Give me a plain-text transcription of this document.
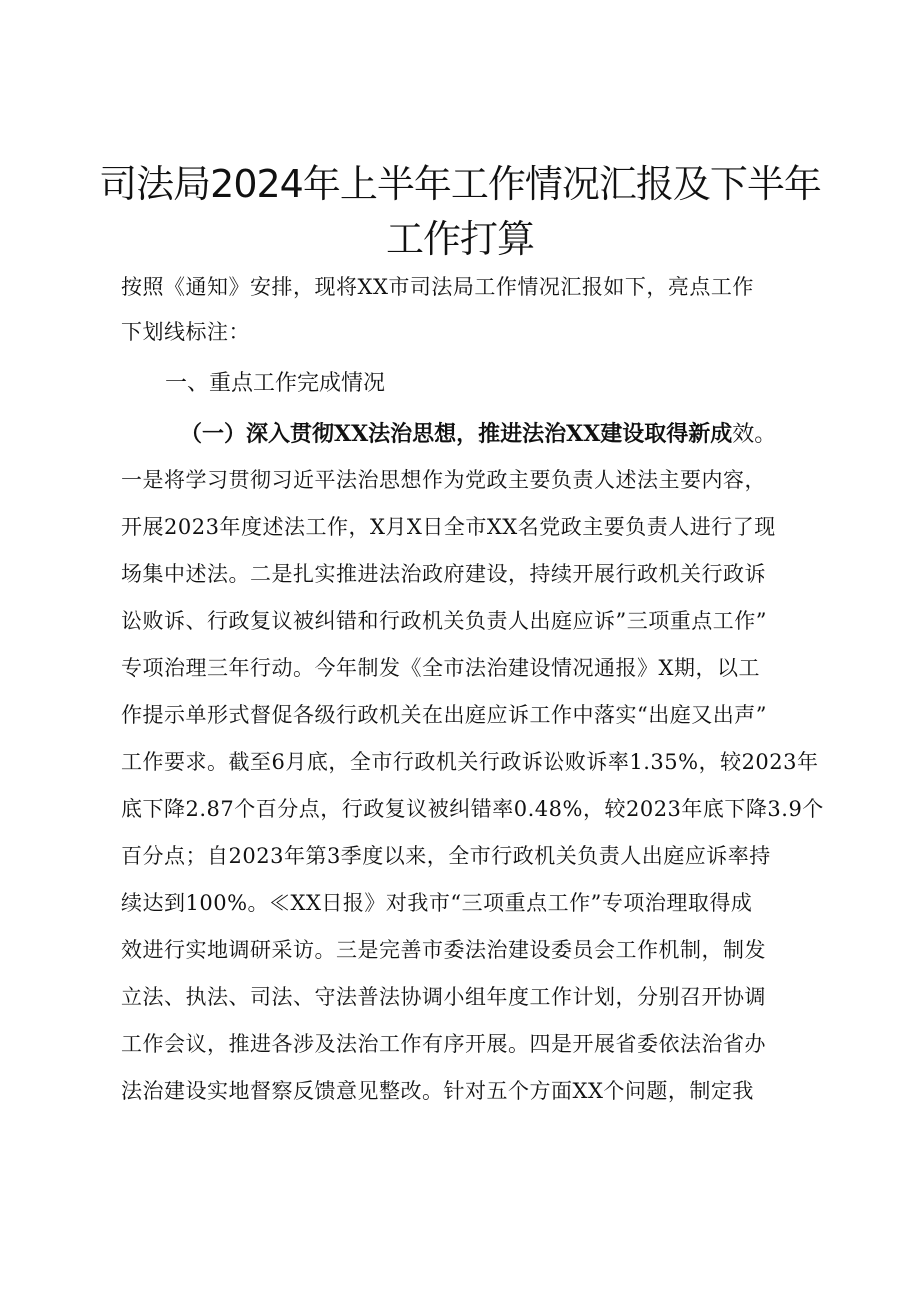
司法局2024年上半年工作情况汇报及下半年
工作打算
按照《通知》安排，现将XX市司法局工作情况汇报如下，亮点工作
下划线标注：
一、重点工作完成情况
（一）深入贯彻XX法治思想，推进法治XX建设取得新成效。
一是将学习贯彻习近平法治思想作为党政主要负责人述法主要内容，
开展2023年度述法工作，X月X日全市XX名党政主要负责人进行了现
场集中述法。二是扎实推进法治政府建设，持续开展行政机关行政诉
讼败诉、行政复议被纠错和行政机关负责人出庭应诉”三项重点工作”
专项治理三年行动。今年制发《全市法治建设情况通报》X期，以工
作提示单形式督促各级行政机关在出庭应诉工作中落实“出庭又出声”
工作要求。截至6月底，全市行政机关行政诉讼败诉率1.35%，较2023年
底下降2.87个百分点，行政复议被纠错率0.48%，较2023年底下降3.9个
百分点；自2023年第3季度以来，全市行政机关负责人出庭应诉率持
续达到100%。≪XX日报》对我市“三项重点工作”专项治理取得成
效进行实地调研采访。三是完善市委法治建设委员会工作机制，制发
立法、执法、司法、守法普法协调小组年度工作计划，分别召开协调
工作会议，推进各涉及法治工作有序开展。四是开展省委依法治省办
法治建设实地督察反馈意见整改。针对五个方面XX个问题，制定我
